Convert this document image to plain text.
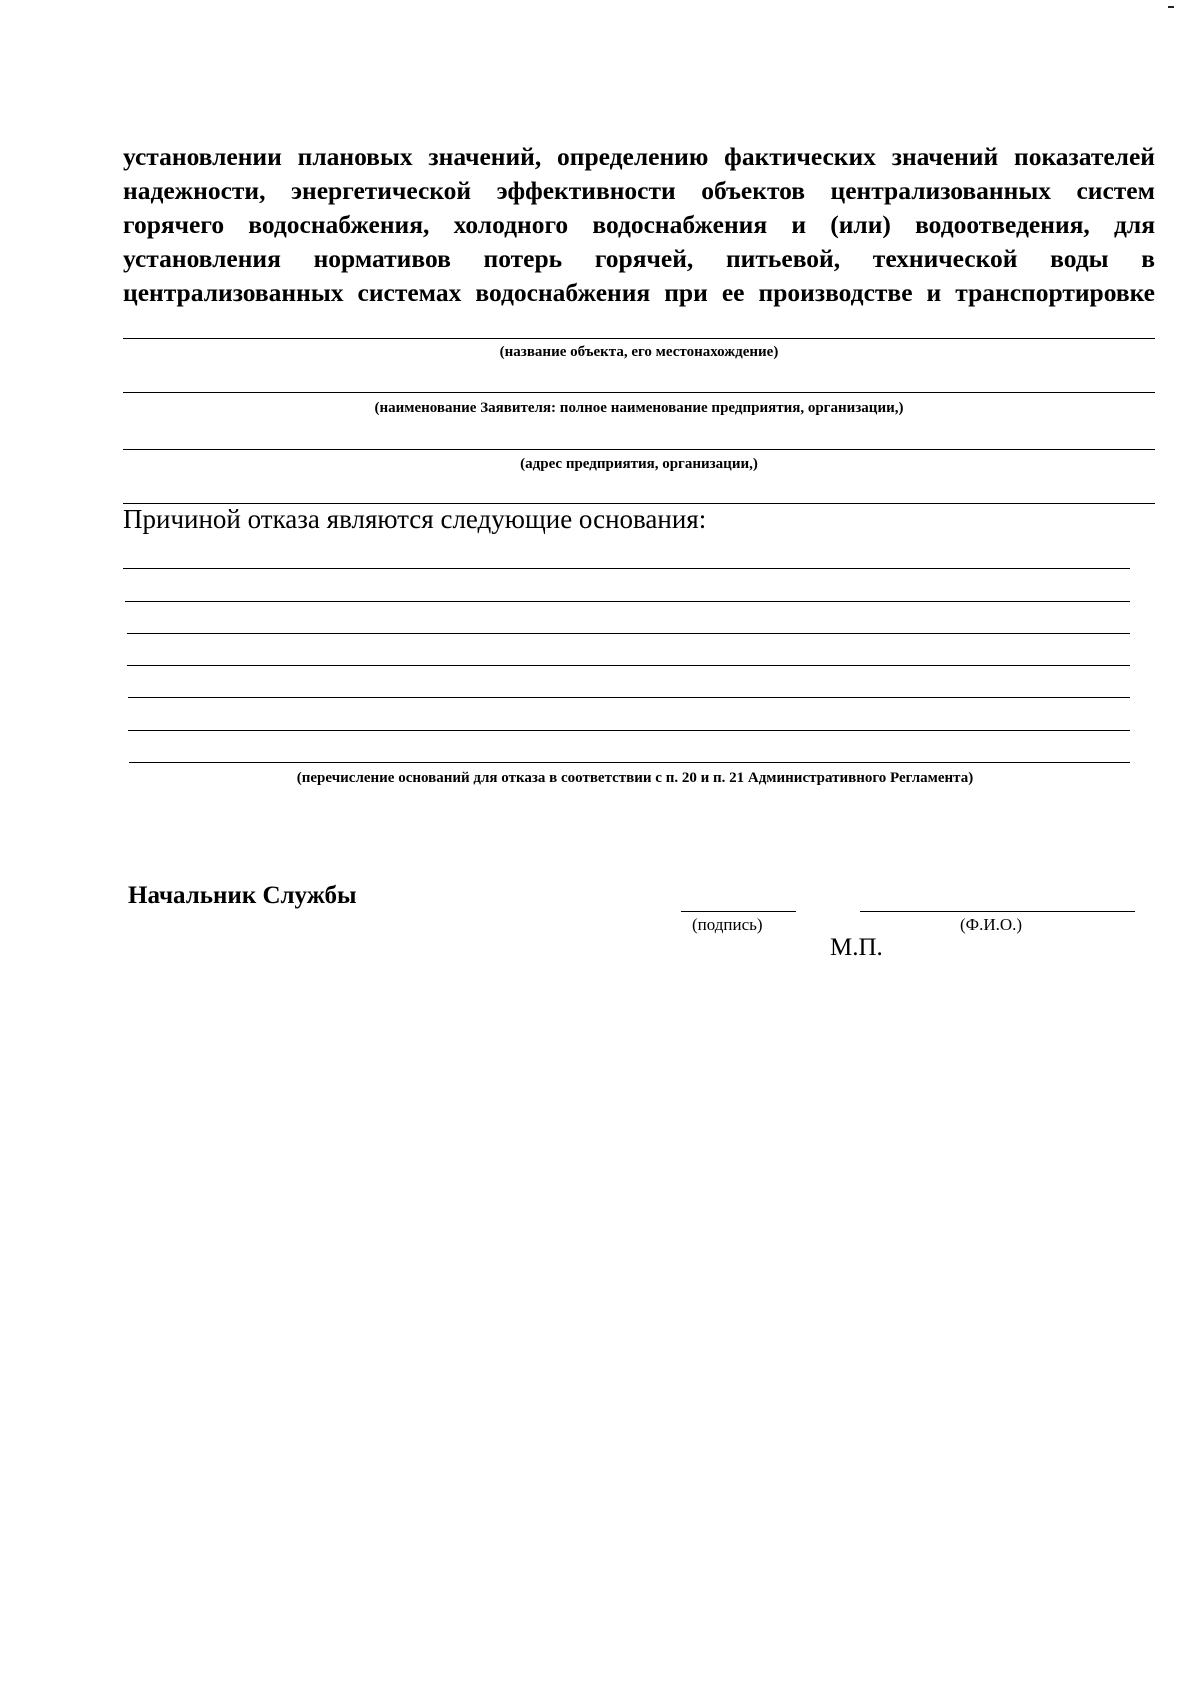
установлении плановых значений, определению фактических значений показателей
надежности, энергетической эффективности объектов централизованных систем
горячего водоснабжения, холодного водоснабжения и (или) водоотведения, для
установления нормативов потерь горячей, питьевой, технической воды в
централизованных системах водоснабжения при ее производстве и транспортировке
(название объекта, его местонахождение)
(наименование Заявителя: полное наименование предприятия, организации,)
(адрес предприятия, организации,)
Причиной отказа являются следующие основания:
(перечисление оснований для отказа в соответствии с п. 20 и п. 21 Административного Регламента)
Начальник Службы
(подпись)	(Ф.И.О.)
М.П.
